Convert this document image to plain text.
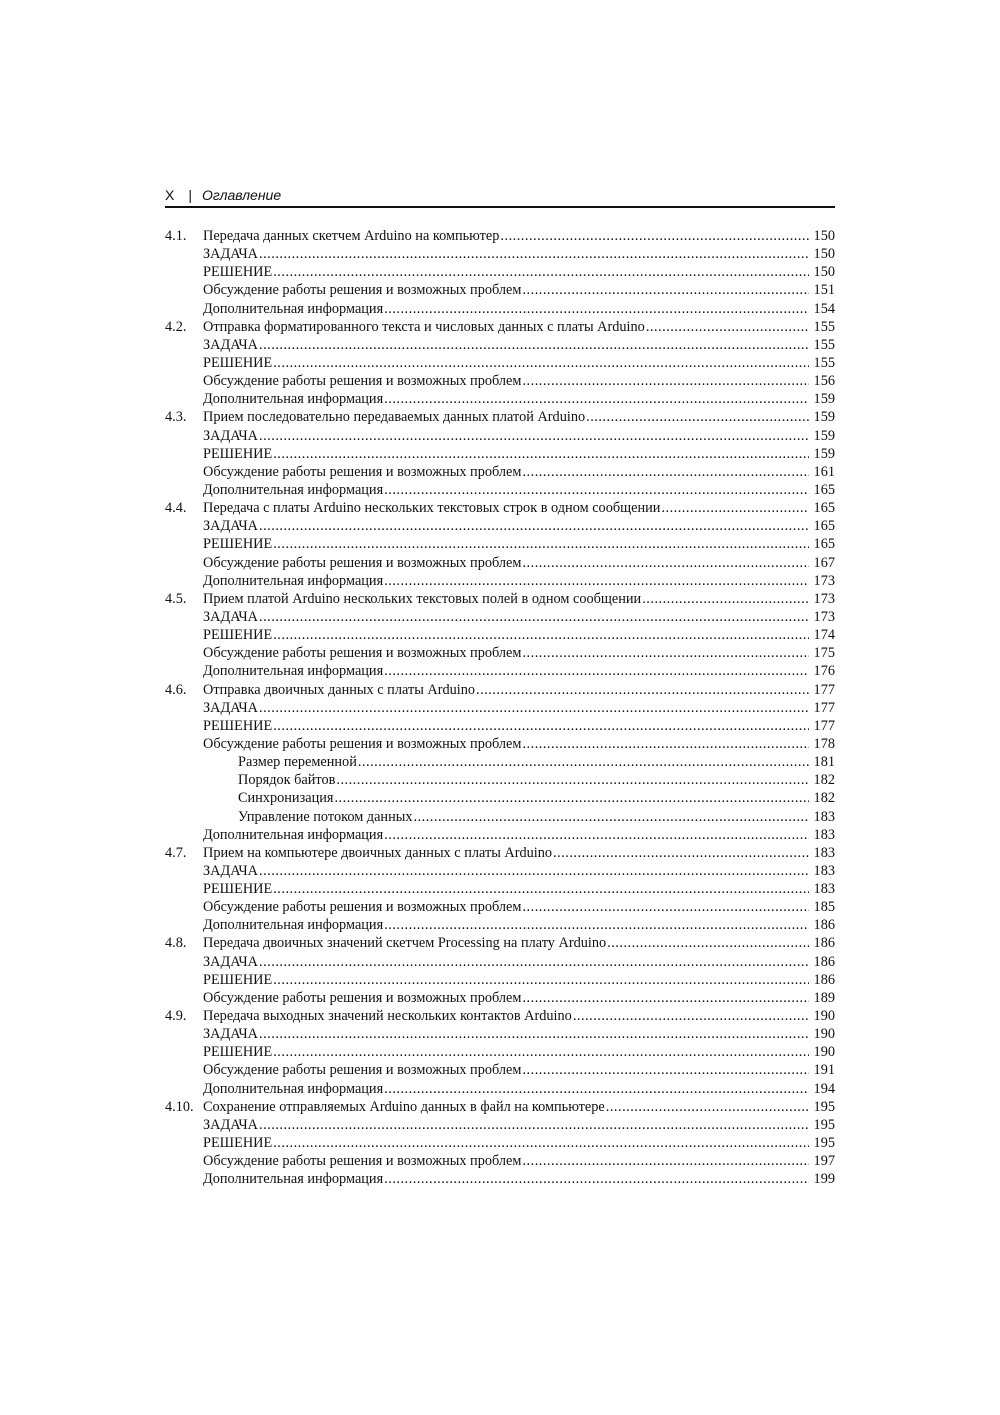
X | Оглавление
4.1.	Передача данных скетчем Arduino на компьютер .....	150
ЗАДАЧА .....	150
РЕШЕНИЕ .....	150
Обсуждение работы решения и возможных проблем .....	151
Дополнительная информация .....	154
4.2.	Отправка форматированного текста и числовых данных с платы Arduino .....	155
ЗАДАЧА .....	155
РЕШЕНИЕ .....	155
Обсуждение работы решения и возможных проблем .....	156
Дополнительная информация .....	159
4.3.	Прием последовательно передаваемых данных платой Arduino .....	159
ЗАДАЧА .....	159
РЕШЕНИЕ .....	159
Обсуждение работы решения и возможных проблем .....	161
Дополнительная информация .....	165
4.4.	Передача с платы Arduino нескольких текстовых строк в одном сообщении .....	165
ЗАДАЧА .....	165
РЕШЕНИЕ .....	165
Обсуждение работы решения и возможных проблем .....	167
Дополнительная информация .....	173
4.5.	Прием платой Arduino нескольких текстовых полей в одном сообщении .....	173
ЗАДАЧА .....	173
РЕШЕНИЕ .....	174
Обсуждение работы решения и возможных проблем .....	175
Дополнительная информация .....	176
4.6.	Отправка двоичных данных с платы Arduino .....	177
ЗАДАЧА .....	177
РЕШЕНИЕ .....	177
Обсуждение работы решения и возможных проблем .....	178
Размер переменной .....	181
Порядок байтов .....	182
Синхронизация .....	182
Управление потоком данных .....	183
Дополнительная информация .....	183
4.7.	Прием на компьютере двоичных данных с платы Arduino .....	183
ЗАДАЧА .....	183
РЕШЕНИЕ .....	183
Обсуждение работы решения и возможных проблем .....	185
Дополнительная информация .....	186
4.8.	Передача двоичных значений скетчем Processing на плату Arduino .....	186
ЗАДАЧА .....	186
РЕШЕНИЕ .....	186
Обсуждение работы решения и возможных проблем .....	189
4.9.	Передача выходных значений нескольких контактов Arduino .....	190
ЗАДАЧА .....	190
РЕШЕНИЕ .....	190
Обсуждение работы решения и возможных проблем .....	191
Дополнительная информация .....	194
4.10. Сохранение отправляемых Arduino данных в файл на компьютере .....	195
ЗАДАЧА .....	195
РЕШЕНИЕ .....	195
Обсуждение работы решения и возможных проблем .....	197
Дополнительная информация .....	199
